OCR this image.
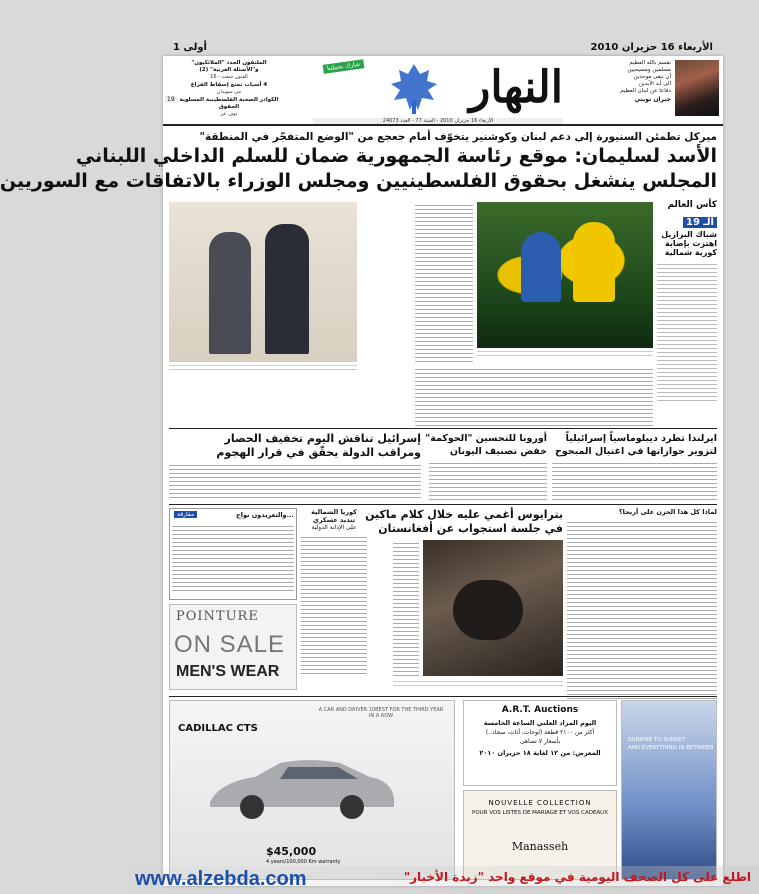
الأربعاء 16 حزيران 2010
أولى 1
نقسم بالله العظيم
مسلمين ومسيحيين
أن نبقى موحدين
الى أبد الآبدين
دفاعا عن لبنان العظيم
جبران تويني
النهار
شارك بحملتنا
الملتقون الجدد "الملائكيون"
و"الأسئلة الغربية" (2)
الفنون شعث - 16
4 أسباب تمنع إسقاط الفراغ
مي سويدان
الكوادر الصحية الفلسطينية المسلوبة الحقوق
نوف عز
19
الأربعاء 16 حزيران 2010 - السنة 77 - العدد 24073
ميركل تطمئن السنيورة إلى دعم لبنان وكوشنير يتخوّف أمام جعجع من "الوضع المتفجّر في المنطقة"
الأسد لسليمان: موقع رئاسة الجمهورية ضمان للسلم الداخلي اللبناني
المجلس ينشغل بحقوق الفلسطينيين ومجلس الوزراء بالاتفاقات مع السوريين
كأس العالم
الـ 19
شباك البرازيل
اهتزت بإصابة
كورية شمالية
ايرلندا تطرد ديبلوماسياً إسرائيلياً
لتزوير جوازاتها في اغتيال المبحوح
أوروبا للتحسين "الحوكمة"
خفض تصنيف اليونان
إسرائيل تناقش اليوم تخفيف الحصار
ومراقب الدولة يحقّق في قرار الهجوم
لماذا كل هذا الحزن على أريحا؟
بترايوس أغمي عليه خلال كلام ماكين
في جلسة استجواب عن أفغانستان
كوريا الشمالية
تنديد عسكري
على الإدانة الدولية
...والتغريدون نواح
مفارقة
POINTURE
ON SALE
MEN'S WEAR
SUNRISE TO SUNSET
AND EVERYTHING IN BETWEEN
A.R.T. Auctions
اليوم المزاد العلني الساعة الخامسة
أكثر من ٢١٠٠ قطعة (لوحات، أثاث، سجاد..)
بأسعار لا تضاهى
المعرض: من ١٢ لغاية ١٨ حزيران ٢٠١٠
NOUVELLE COLLECTION
POUR VOS LISTES DE MARIAGE ET VOS CADEAUX
Manasseh
A CAR AND DRIVER 10BEST FOR THE THIRD YEAR IN A ROW
CADILLAC CTS
$45,000
4 years/100,000 Km warranty
اطلع على كل الصحف اليومية في موقع واحد "زبدة الأخبار"
www.alzebda.com
